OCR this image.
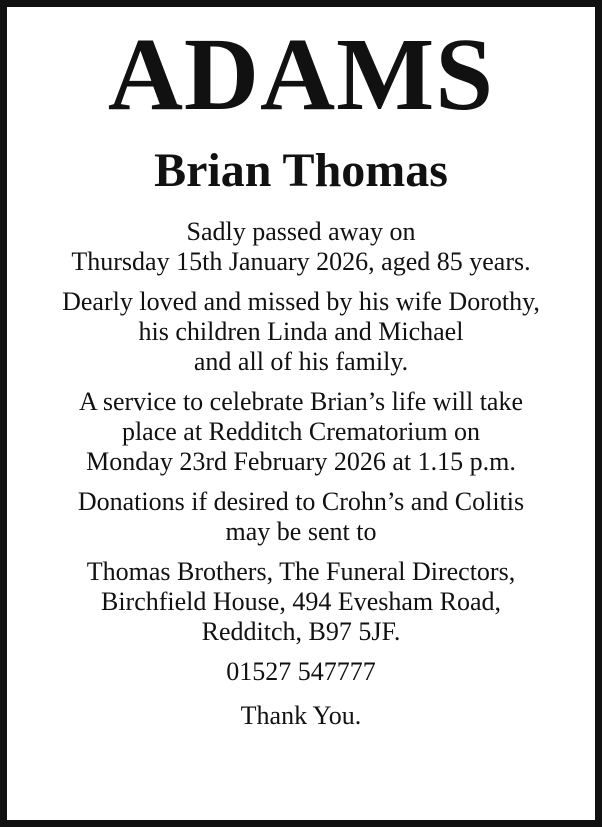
ADAMS
Brian Thomas

Sadly passed away on
Thursday 15th January 2026, aged 85 years.

Dearly loved and missed by his wife Dorothy,
his children Linda and Michael
and all of his family.

A service to celebrate Brian’s life will take
place at Redditch Crematorium on
Monday 23rd February 2026 at 1.15 p.m.

Donations if desired to Crohn’s and Colitis
may be sent to

Thomas Brothers, The Funeral Directors,
Birchfield House, 494 Evesham Road,
Redditch, B97 5JF.

01527 547777

Thank You.
